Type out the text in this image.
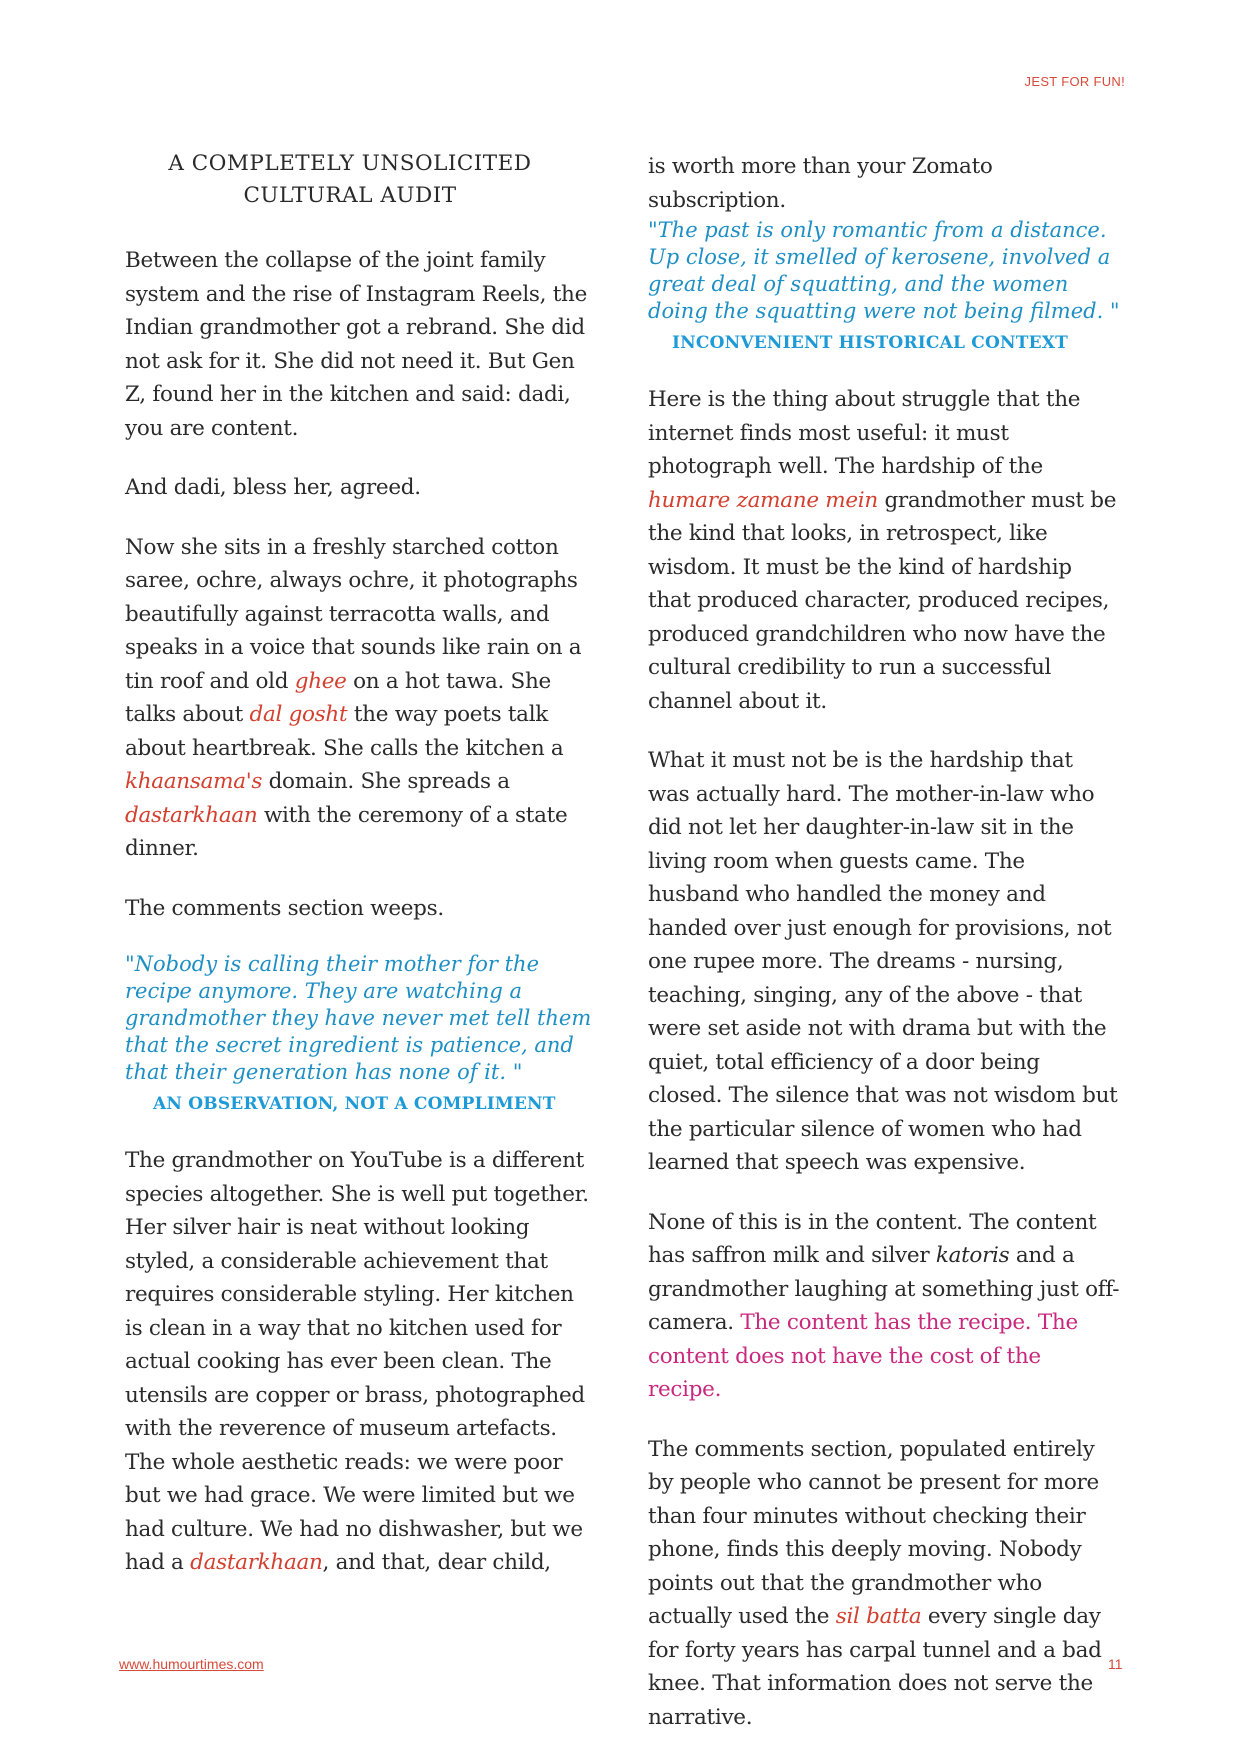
JEST FOR FUN!
A COMPLETELY UNSOLICITED CULTURAL AUDIT

Between the collapse of the joint family system and the rise of Instagram Reels, the Indian grandmother got a rebrand. She did not ask for it. She did not need it. But Gen Z, found her in the kitchen and said: dadi, you are content.

And dadi, bless her, agreed.

Now she sits in a freshly starched cotton saree, ochre, always ochre, it photographs beautifully against terracotta walls, and speaks in a voice that sounds like rain on a tin roof and old ghee on a hot tawa. She talks about dal gosht the way poets talk about heartbreak. She calls the kitchen a khaansama's domain. She spreads a dastarkhaan with the ceremony of a state dinner.

The comments section weeps.

"Nobody is calling their mother for the recipe anymore. They are watching a grandmother they have never met tell them that the secret ingredient is patience, and that their generation has none of it. "
AN OBSERVATION, NOT A COMPLIMENT

The grandmother on YouTube is a different species altogether. She is well put together. Her silver hair is neat without looking styled, a considerable achievement that requires considerable styling. Her kitchen is clean in a way that no kitchen used for actual cooking has ever been clean. The utensils are copper or brass, photographed with the reverence of museum artefacts. The whole aesthetic reads: we were poor but we had grace. We were limited but we had culture. We had no dishwasher, but we had a dastarkhaan, and that, dear child,

is worth more than your Zomato subscription.

"The past is only romantic from a distance. Up close, it smelled of kerosene, involved a great deal of squatting, and the women doing the squatting were not being filmed. "
INCONVENIENT HISTORICAL CONTEXT

Here is the thing about struggle that the internet finds most useful: it must photograph well. The hardship of the humare zamane mein grandmother must be the kind that looks, in retrospect, like wisdom. It must be the kind of hardship that produced character, produced recipes, produced grandchildren who now have the cultural credibility to run a successful channel about it.

What it must not be is the hardship that was actually hard. The mother-in-law who did not let her daughter-in-law sit in the living room when guests came. The husband who handled the money and handed over just enough for provisions, not one rupee more. The dreams - nursing, teaching, singing, any of the above - that were set aside not with drama but with the quiet, total efficiency of a door being closed. The silence that was not wisdom but the particular silence of women who had learned that speech was expensive.

None of this is in the content. The content has saffron milk and silver katoris and a grandmother laughing at something just off-camera. The content has the recipe. The content does not have the cost of the recipe.

The comments section, populated entirely by people who cannot be present for more than four minutes without checking their phone, finds this deeply moving. Nobody points out that the grandmother who actually used the sil batta every single day for forty years has carpal tunnel and a bad knee. That information does not serve the narrative.

www.humourtimes.com	11
